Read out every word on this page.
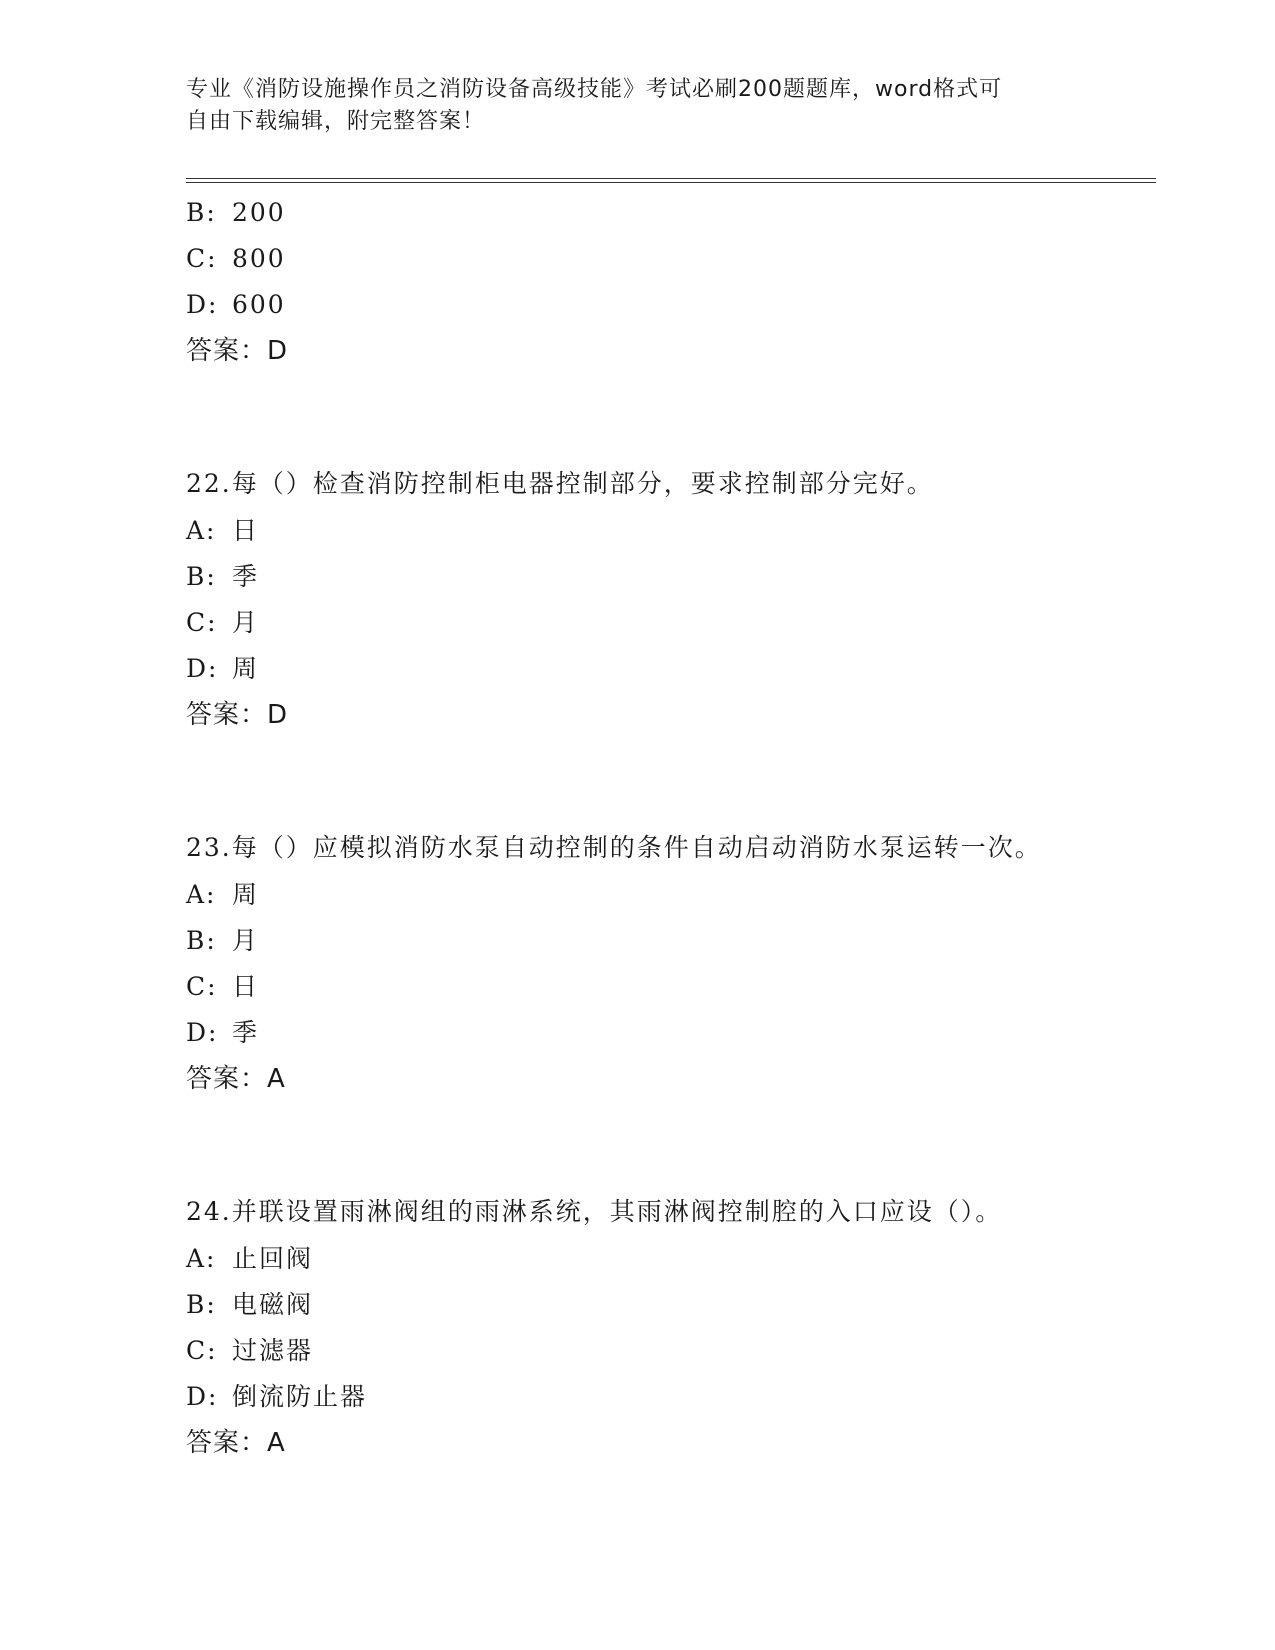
专业《消防设施操作员之消防设备高级技能》考试必刷200题题库，word格式可
自由下载编辑，附完整答案！
B: 200
C: 800
D: 600
答案：D
22.每（）检查消防控制柜电器控制部分，要求控制部分完好。
A: 日
B: 季
C: 月
D: 周
答案：D
23.每（）应模拟消防水泵自动控制的条件自动启动消防水泵运转一次。
A: 周
B: 月
C: 日
D: 季
答案：A
24.并联设置雨淋阀组的雨淋系统，其雨淋阀控制腔的入口应设（）。
A: 止回阀
B: 电磁阀
C: 过滤器
D: 倒流防止器
答案：A
